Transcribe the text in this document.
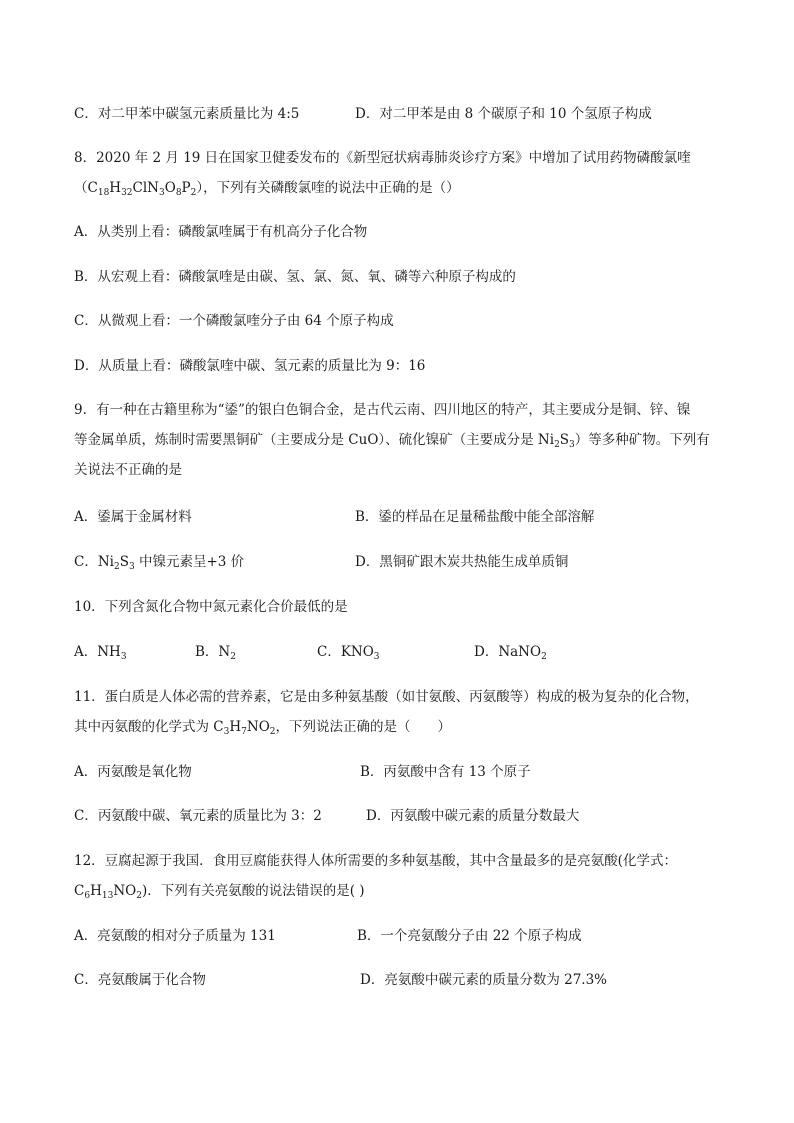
C．对二甲苯中碳氢元素质量比为 4:5	D．对二甲苯是由 8 个碳原子和 10 个氢原子构成
8．2020 年 2 月 19 日在国家卫健委发布的《新型冠状病毒肺炎诊疗方案》中增加了试用药物磷酸氯喹
$(C_{18}H_{32}ClN_3O_8P_2)$，下列有关磷酸氯喹的说法中正确的是（）
A．从类别上看：磷酸氯喹属于有机高分子化合物
B．从宏观上看：磷酸氯喹是由碳、氢、氯、氮、氧、磷等六种原子构成的
C．从微观上看：一个磷酸氯喹分子由 64 个原子构成
D．从质量上看：磷酸氯喹中碳、氢元素的质量比为 9：16
9．有一种在古籍里称为“鋈”的银白色铜合金，是古代云南、四川地区的特产，其主要成分是铜、锌、镍
等金属单质，炼制时需要黑铜矿（主要成分是 CuO）、硫化镍矿（主要成分是 $Ni_2S_3$）等多种矿物。下列有
关说法不正确的是
A．鋈属于金属材料	B．鋈的样品在足量稀盐酸中能全部溶解
C．$Ni_2S_3$ 中镍元素呈+3 价	D．黑铜矿跟木炭共热能生成单质铜
10．下列含氮化合物中氮元素化合价最低的是
A．$NH_3$	B．$N_2$	C．$KNO_3$	D．NaNO$_2$
11．蛋白质是人体必需的营养素，它是由多种氨基酸（如甘氨酸、丙氨酸等）构成的极为复杂的化合物，
其中丙氨酸的化学式为 $C_3H_7NO_2$，下列说法正确的是（　　）
A．丙氨酸是氧化物	B．丙氨酸中含有 13 个原子
C．丙氨酸中碳、氧元素的质量比为 3：2	D．丙氨酸中碳元素的质量分数最大
12．豆腐起源于我国．食用豆腐能获得人体所需要的多种氨基酸，其中含量最多的是亮氨酸(化学式：
$C_6H_{13}NO_2$)．下列有关亮氨酸的说法错误的是( )
A．亮氨酸的相对分子质量为 131	B．一个亮氨酸分子由 22 个原子构成
C．亮氨酸属于化合物	D．亮氨酸中碳元素的质量分数为 27.3%
